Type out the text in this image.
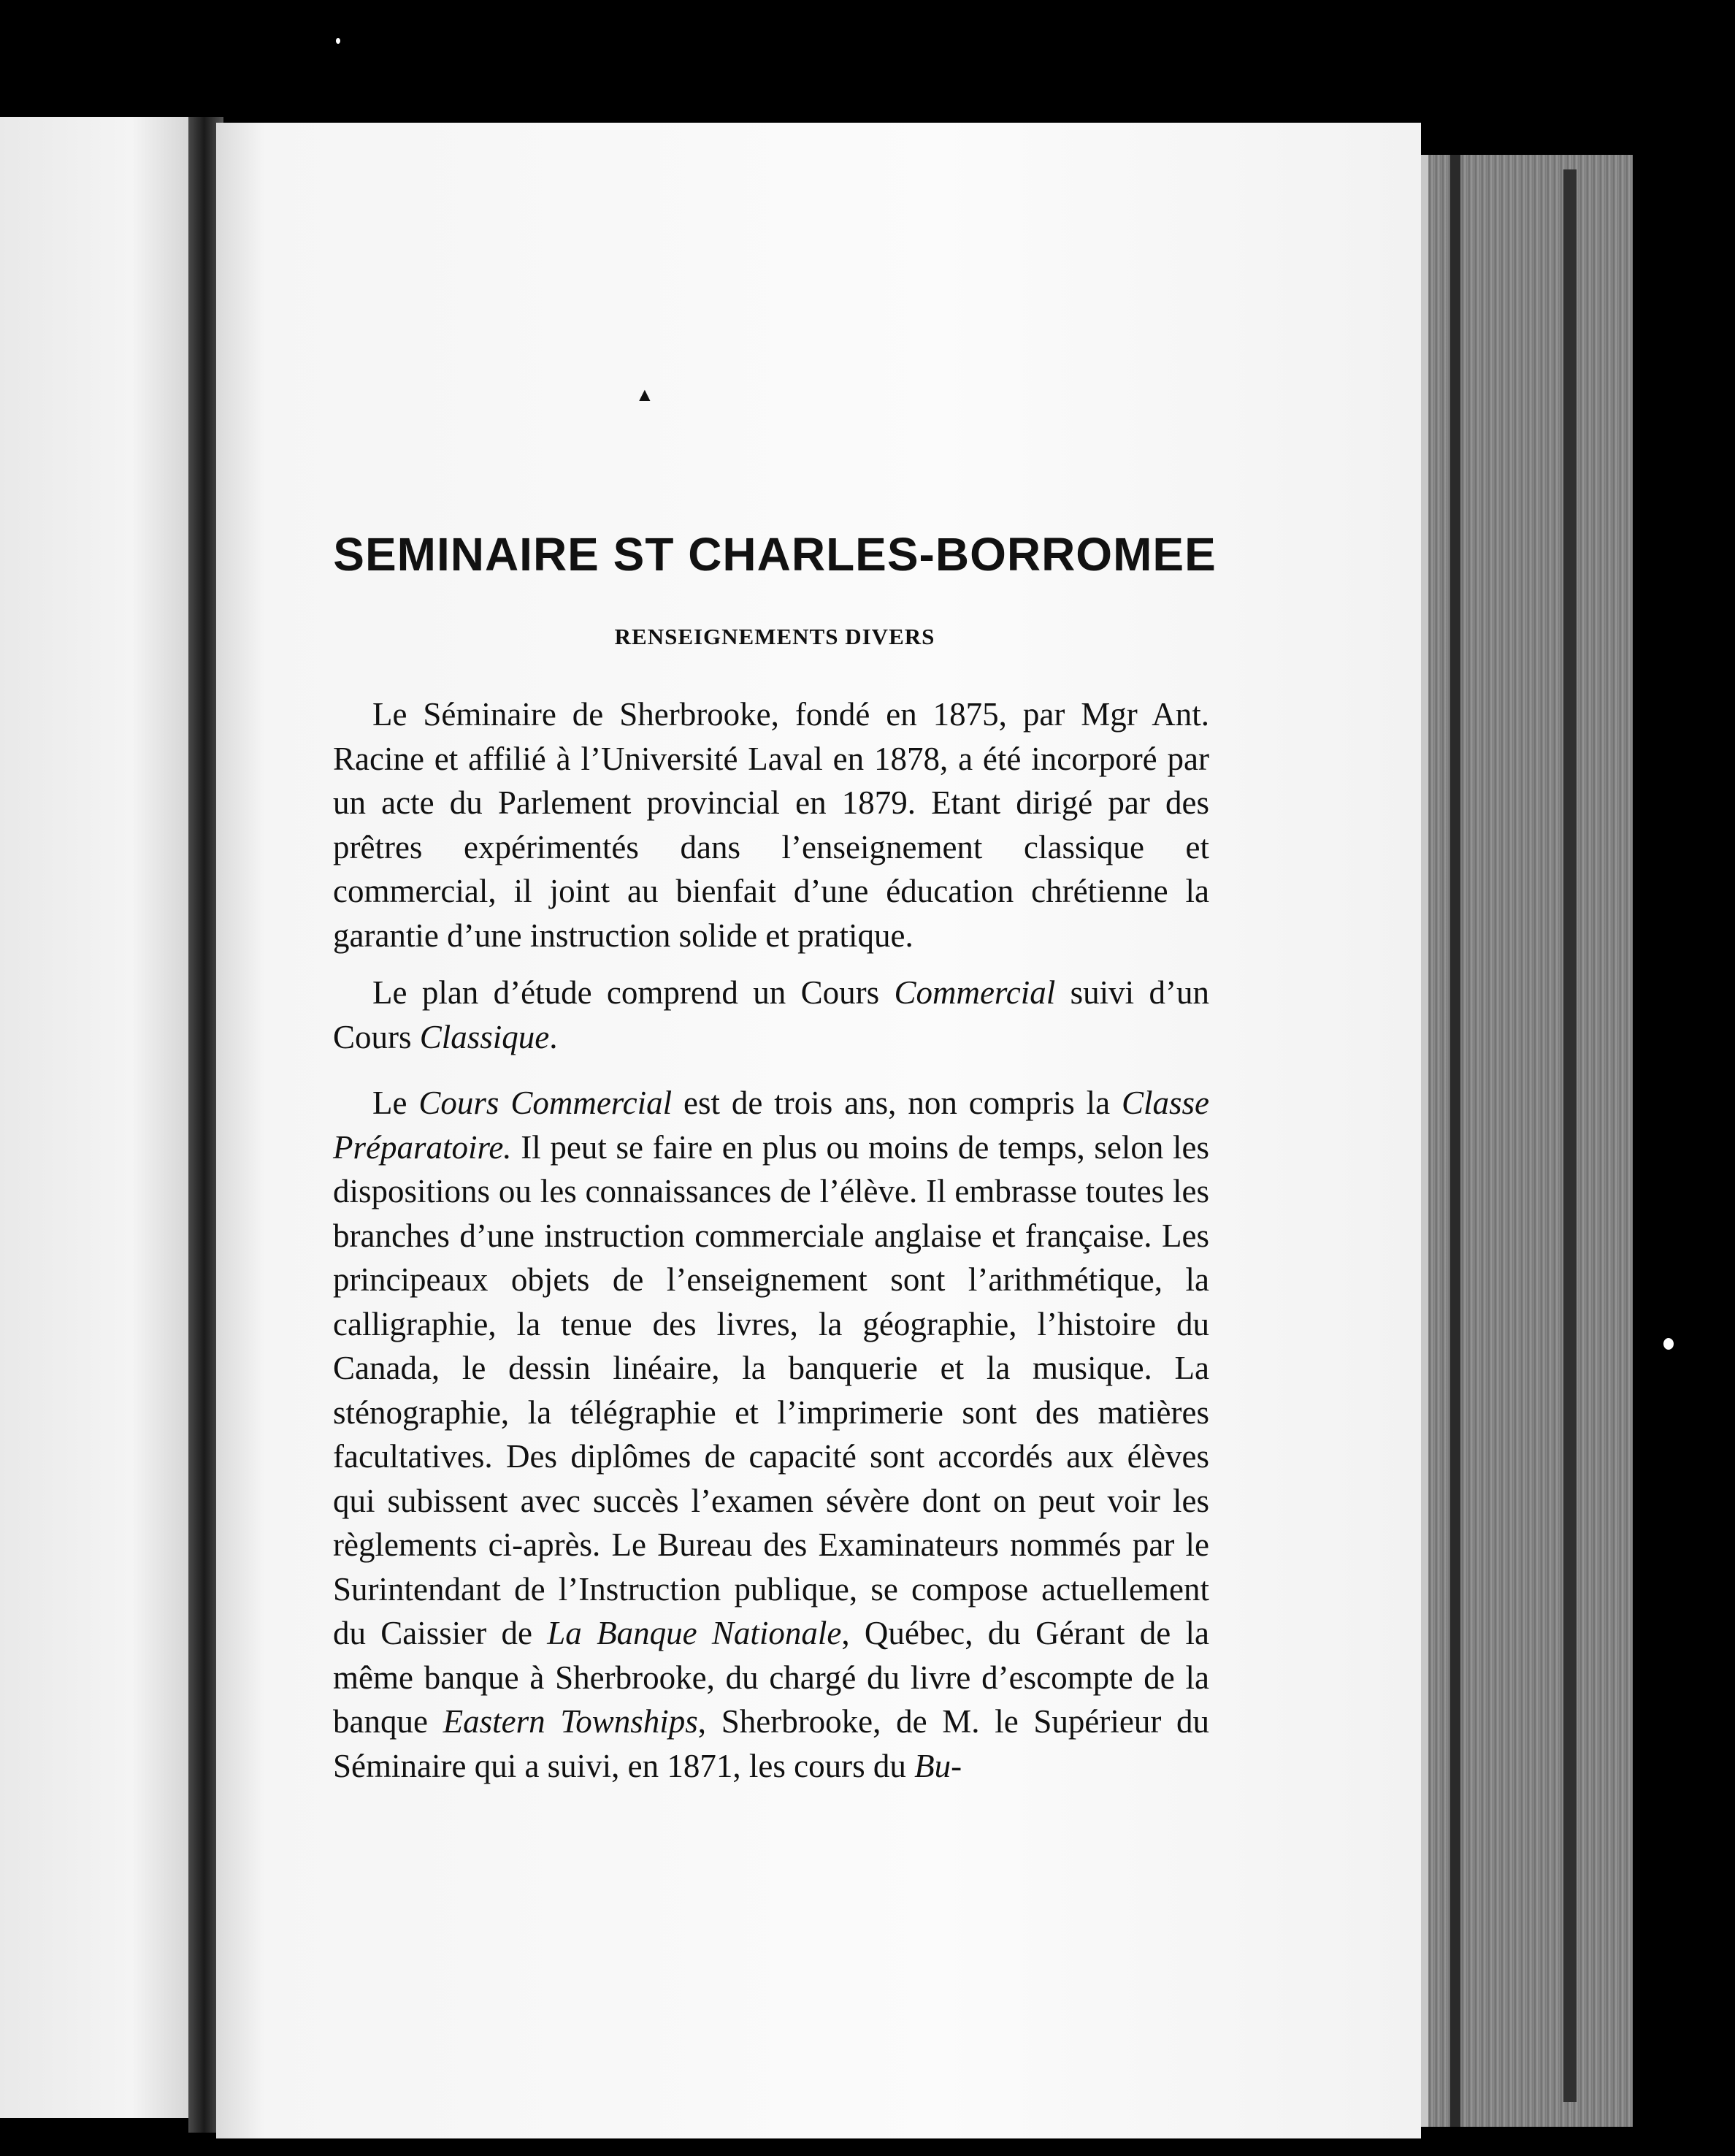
▲
SEMINAIRE ST CHARLES-BORROMEE
RENSEIGNEMENTS DIVERS

Le Séminaire de Sherbrooke, fondé en 1875, par Mgr Ant. Racine et affilié à l’Université Laval en 1878, a été incorporé par un acte du Parlement provincial en 1879. Etant dirigé par des prêtres expérimentés dans l’enseignement classique et commercial, il joint au bienfait d’une éducation chrétienne la garantie d’une instruction solide et pratique.

Le plan d’étude comprend un Cours Commercial suivi d’un Cours Classique.

Le Cours Commercial est de trois ans, non compris la Classe Préparatoire. Il peut se faire en plus ou moins de temps, selon les dispositions ou les connaissances de l’élève. Il embrasse toutes les branches d’une instruction commerciale anglaise et française. Les principeaux objets de l’enseignement sont l’arithmétique, la calligraphie, la tenue des livres, la géographie, l’histoire du Canada, le dessin linéaire, la banquerie et la musique. La sténographie, la télégraphie et l’imprimerie sont des matières facultatives. Des diplômes de capacité sont accordés aux élèves qui subissent avec succès l’examen sévère dont on peut voir les règlements ci-après. Le Bureau des Examinateurs nommés par le Surintendant de l’Instruction publique, se compose actuellement du Caissier de La Banque Nationale, Québec, du Gérant de la même banque à Sherbrooke, du chargé du livre d’escompte de la banque Eastern Townships, Sherbrooke, de M. le Supérieur du Séminaire qui a suivi, en 1871, les cours du Bu-
